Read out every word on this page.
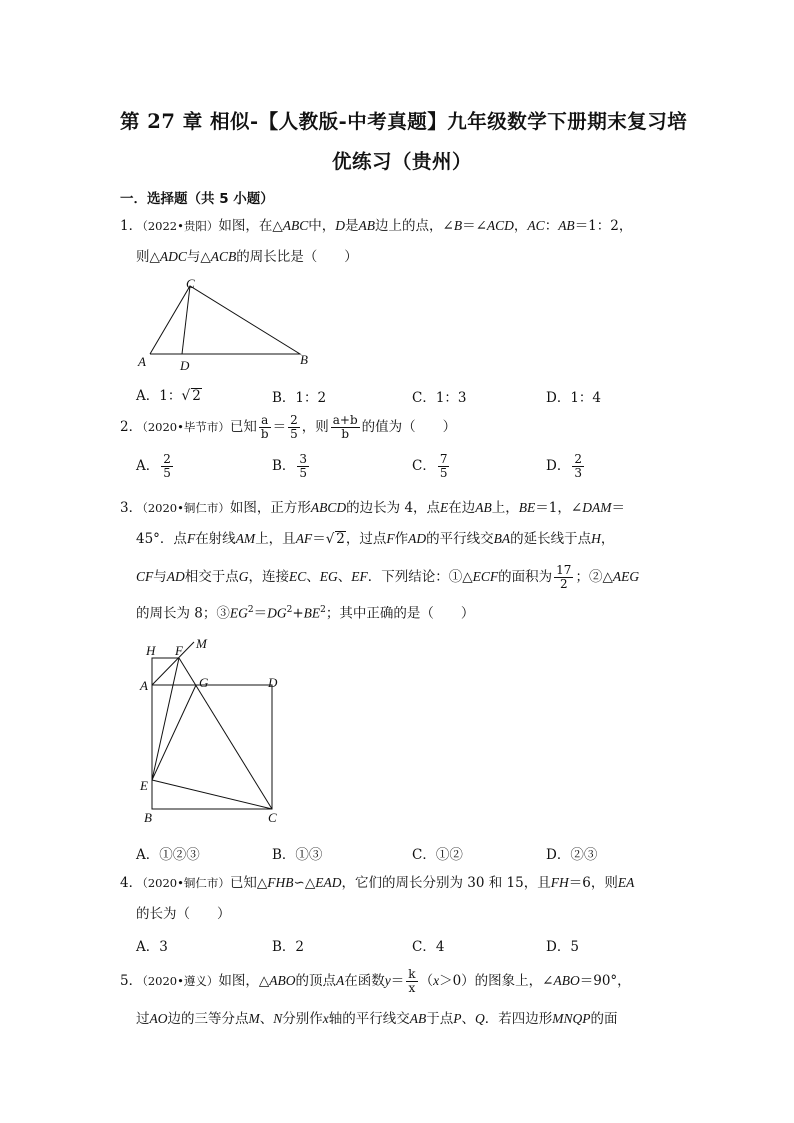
第 27 章 相似-【人教版-中考真题】九年级数学下册期末复习培
优练习（贵州）
一．选择题（共 5 小题）
1．（2022•贵阳）如图，在△ABC中，D是AB边上的点，∠B＝∠ACD，AC：AB＝1：2，
则△ADC与△ACB的周长比是（　　）
C
A	D	B
A．1：√ 2	B．1：2	C．1：3	D．1：4
2．（2020•毕节市）已知 $\frac{a}{b} = \frac{2}{5}$ ，则 $\frac{a+b}{b}$ 的值为（　　）
A． $\frac{2}{5}$	B． $\frac{3}{5}$	C． $\frac{7}{5}$	D． $\frac{2}{3}$
3．（2020•铜仁市）如图，正方形ABCD的边长为 4，点E在边AB上，BE＝1，∠DAM＝
45°．点F在射线AM上，且AF＝√ 2，过点F作AD的平行线交BA的延长线于点H，
CF与AD相交于点G，连接EC、EG、EF．下列结论：①△ECF的面积为 $\frac{17}{2}$ ；②△AEG
的周长为 8；$③EG^2=DG^2+BE^2$；其中正确的是（　　）
H F M
A	G	D
E
B	C
A．①②③	B．①③	C．①②	D．②③
4．（2020•铜仁市）已知△FHB∽△EAD，它们的周长分别为 30 和 15，且FH＝6，则EA
的长为（　　）
A．3	B．2	C．4	D．5
5．（2020•遵义）如图，△ABO的顶点A在函数$y= \frac{k}{x} (x>0)$的图象上，∠ABO＝90°，
过AO边的三等分点M、N分别作x轴的平行线交AB于点P、Q．若四边形MNQP的面
